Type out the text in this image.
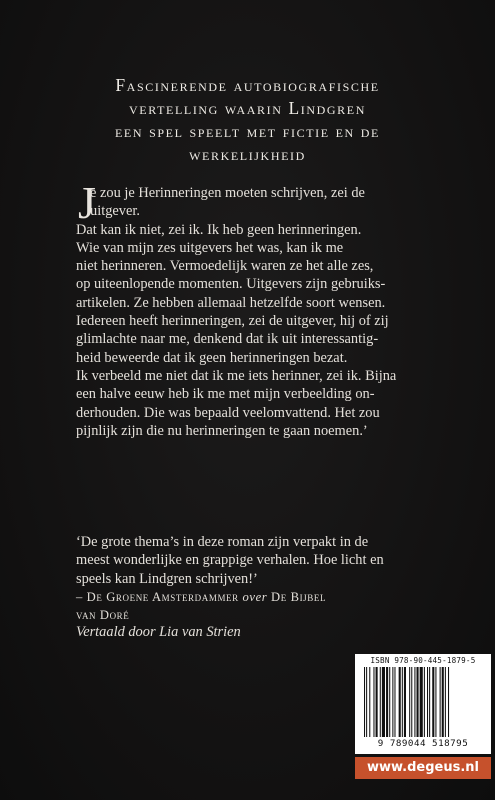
Fascinerende autobiografische
vertelling waarin Lindgren
een spel speelt met fictie en de
werkelijkheid
J
e zou je Herinneringen moeten schrijven, zei de
uitgever.
Dat kan ik niet, zei ik. Ik heb geen herinneringen.
Wie van mijn zes uitgevers het was, kan ik me
niet herinneren. Vermoedelijk waren ze het alle zes,
op uiteenlopende momenten. Uitgevers zijn gebruiks-
artikelen. Ze hebben allemaal hetzelfde soort wensen.
Iedereen heeft herinneringen, zei de uitgever, hij of zij
glimlachte naar me, denkend dat ik uit interessantig-
heid beweerde dat ik geen herinneringen bezat.
Ik verbeeld me niet dat ik me iets herinner, zei ik. Bijna
een halve eeuw heb ik me met mijn verbeelding on-
derhouden. Die was bepaald veelomvattend. Het zou
pijnlijk zijn die nu herinneringen te gaan noemen.’
‘De grote thema’s in deze roman zijn verpakt in de
meest wonderlijke en grappige verhalen. Hoe licht en
speels kan Lindgren schrijven!’
– De Groene Amsterdammer over De Bijbel
van Doré
Vertaald door Lia van Strien
ISBN 978-90-445-1879-5
9 789044 518795
www.degeus.nl
